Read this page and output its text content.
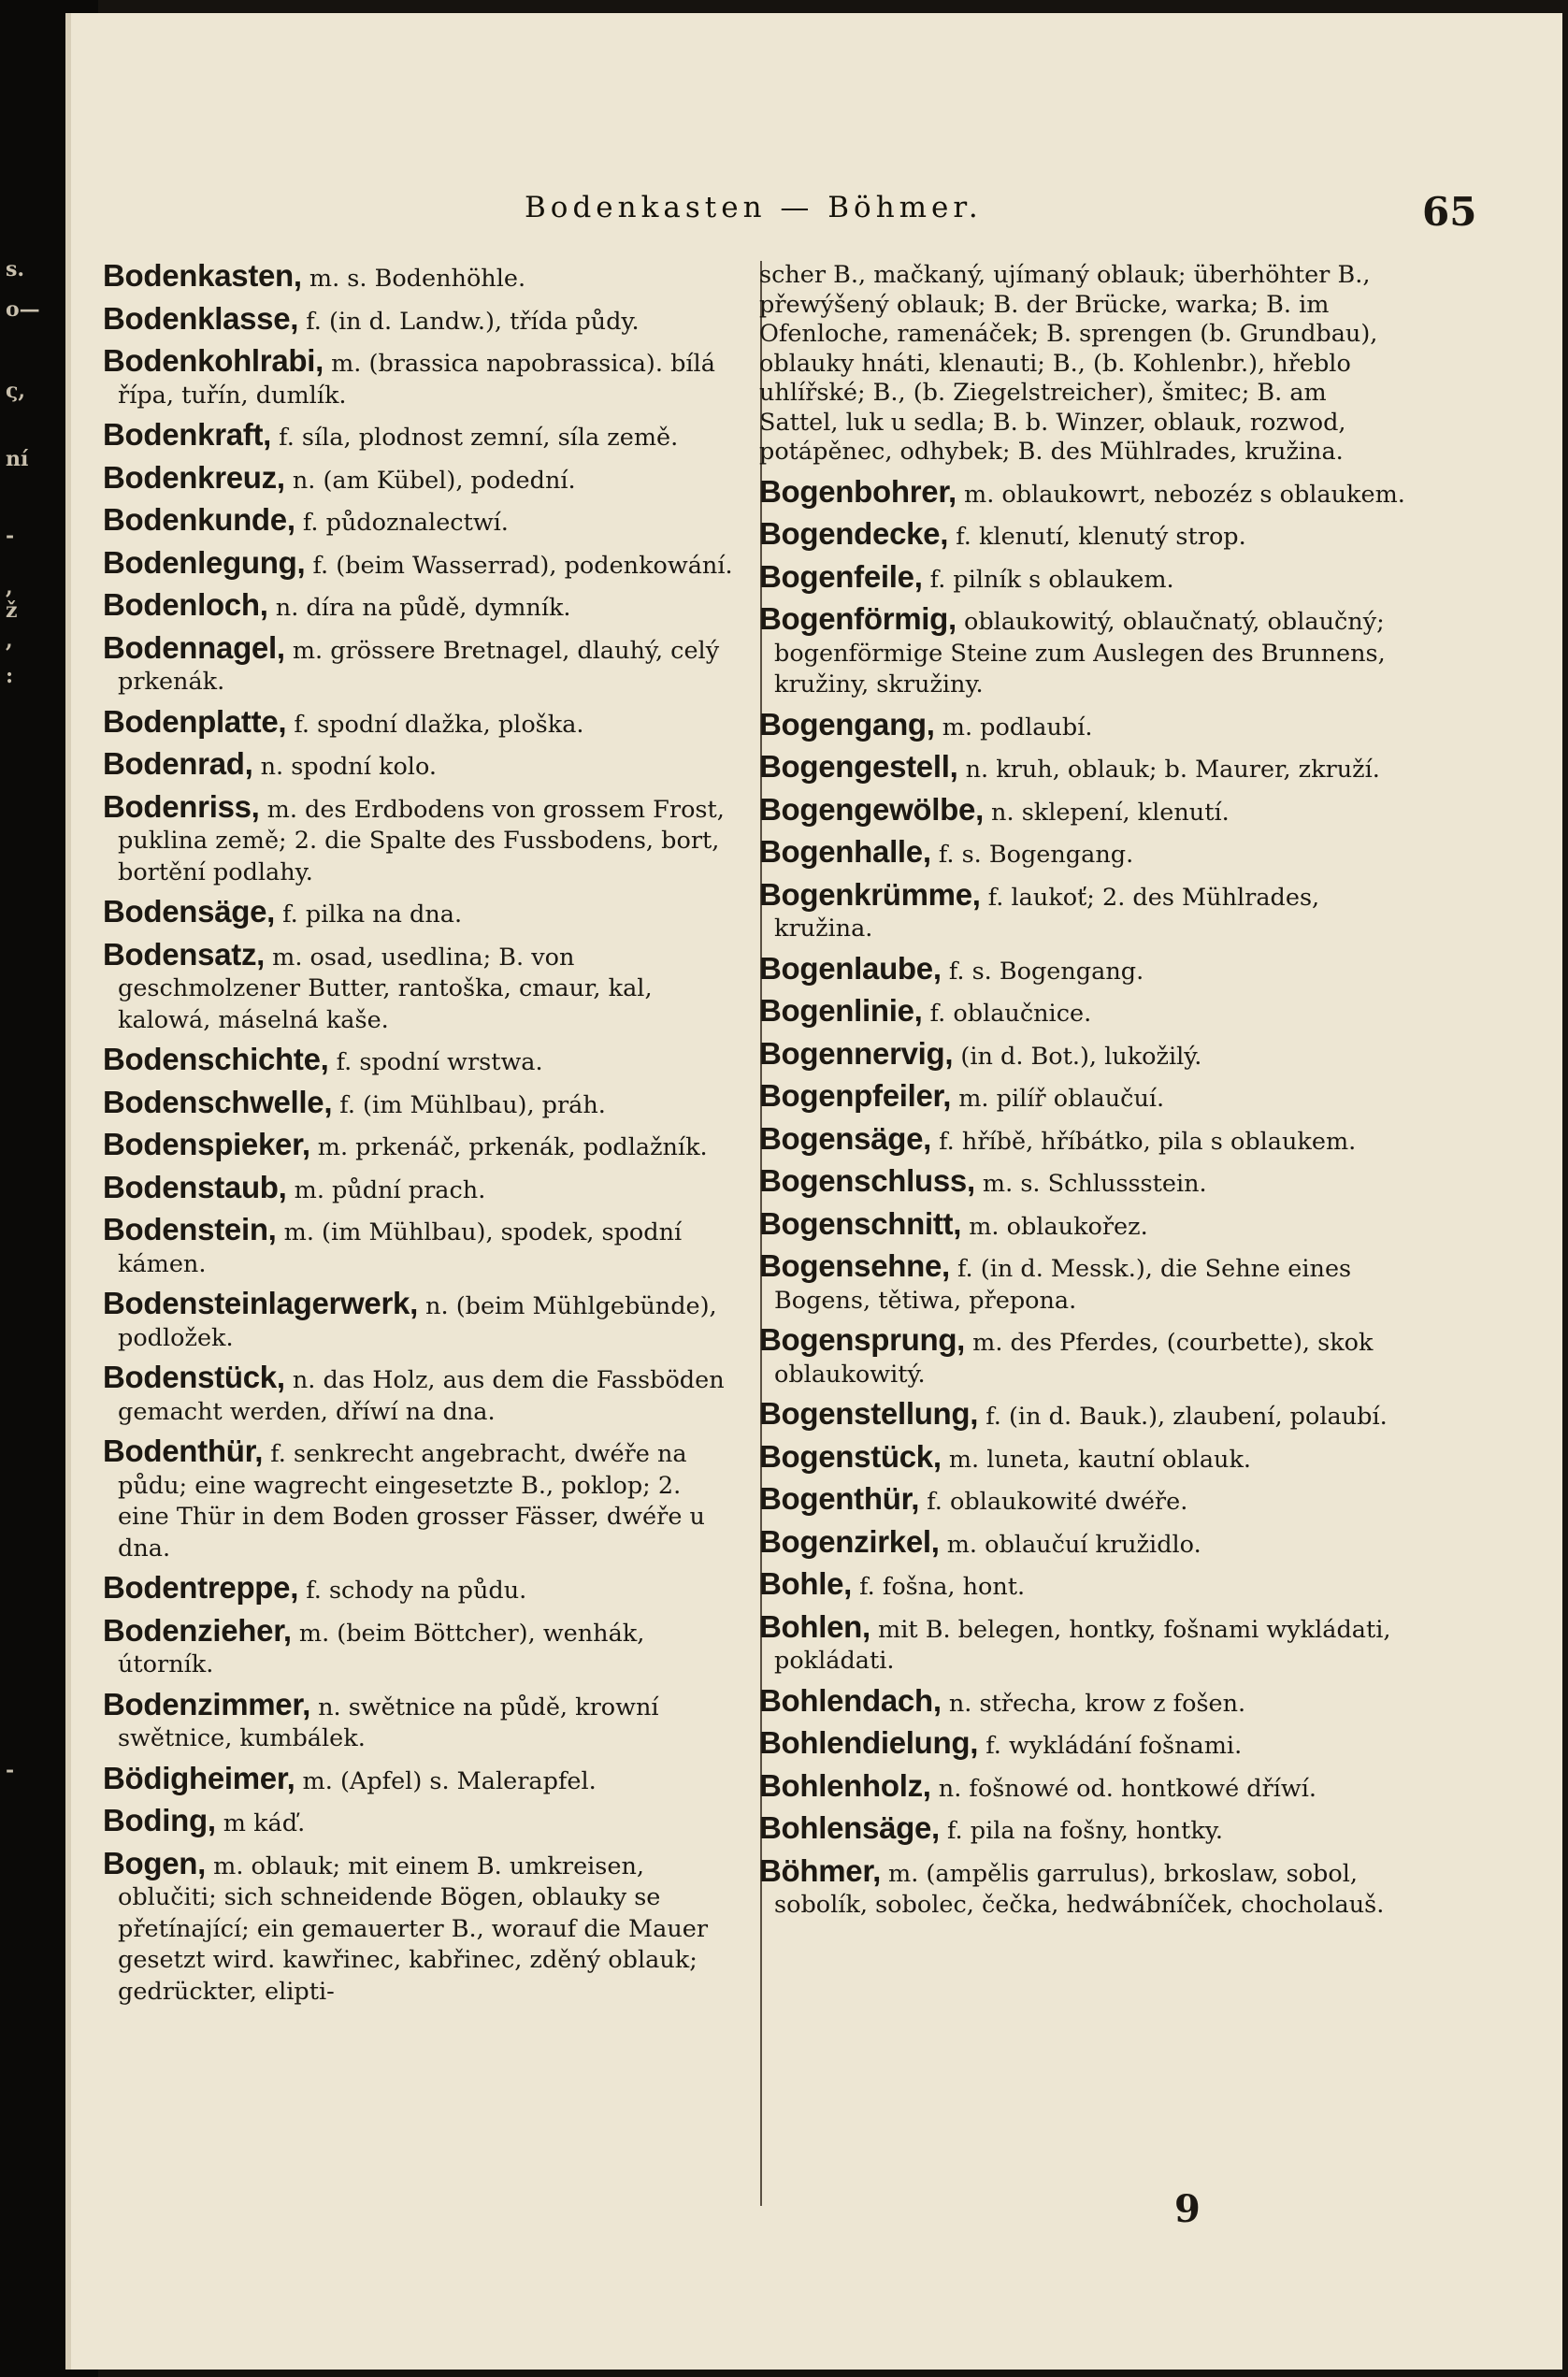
s.
o—
ς,
ní
-
,
ž
,
:
-
Bodenkasten — Böhmer.	65
Bodenkasten, m. s. Bodenhöhle.
Bodenklasse, f. (in d. Landw.), třída půdy.
Bodenkohlrabi, m. (brassica napobrassica). bílá řípa, tuřín, dumlík.
Bodenkraft, f. síla, plodnost zemní, síla země.
Bodenkreuz, n. (am Kübel), podední.
Bodenkunde, f. půdoznalectwí.
Bodenlegung, f. (beim Wasserrad), podenkowání.
Bodenloch, n. díra na půdě, dymník.
Bodennagel, m. grössere Bretnagel, dlauhý, celý prkenák.
Bodenplatte, f. spodní dlažka, ploška.
Bodenrad, n. spodní kolo.
Bodenriss, m. des Erdbodens von grossem Frost, puklina země; 2. die Spalte des Fussbodens, bort, bortění podlahy.
Bodensäge, f. pilka na dna.
Bodensatz, m. osad, usedlina; B. von geschmolzener Butter, rantoška, cmaur, kal, kalowá, máselná kaše.
Bodenschichte, f. spodní wrstwa.
Bodenschwelle, f. (im Mühlbau), práh.
Bodenspieker, m. prkenáč, prkenák, podlažník.
Bodenstaub, m. půdní prach.
Bodenstein, m. (im Mühlbau), spodek, spodní kámen.
Bodensteinlagerwerk, n. (beim Mühlgebünde), podložek.
Bodenstück, n. das Holz, aus dem die Fassböden gemacht werden, dříwí na dna.
Bodenthür, f. senkrecht angebracht, dwéře na půdu; eine wagrecht eingesetzte B., poklop; 2. eine Thür in dem Boden grosser Fässer, dwéře u dna.
Bodentreppe, f. schody na půdu.
Bodenzieher, m. (beim Böttcher), wenhák, útorník.
Bodenzimmer, n. swětnice na půdě, krowní swětnice, kumbálek.
Bödigheimer, m. (Apfel) s. Malerapfel.
Boding, m káď.
Bogen, m. oblauk; mit einem B. umkreisen, oblučiti; sich schneidende Bögen, oblauky se přetínající; ein gemauerter B., worauf die Mauer gesetzt wird. kawřinec, kabřinec, zděný oblauk; gedrückter, elipti-
scher B., mačkaný, ujímaný oblauk; überhöhter B., přewýšený oblauk; B. der Brücke, warka; B. im Ofenloche, ramenáček; B. sprengen (b. Grundbau), oblauky hnáti, klenauti; B., (b. Kohlenbr.), hřeblo uhlířské; B., (b. Ziegelstreicher), šmitec; B. am Sattel, luk u sedla; B. b. Winzer, oblauk, rozwod, potápěnec, odhybek; B. des Mühlrades, kružina.
Bogenbohrer, m. oblaukowrt, nebozéz s oblaukem.
Bogendecke, f. klenutí, klenutý strop.
Bogenfeile, f. pilník s oblaukem.
Bogenförmig, oblaukowitý, oblaučnatý, oblaučný; bogenförmige Steine zum Auslegen des Brunnens, kružiny, skružiny.
Bogengang, m. podlaubí.
Bogengestell, n. kruh, oblauk; b. Maurer, zkruží.
Bogengewölbe, n. sklepení, klenutí.
Bogenhalle, f. s. Bogengang.
Bogenkrümme, f. laukoť; 2. des Mühlrades, kružina.
Bogenlaube, f. s. Bogengang.
Bogenlinie, f. oblaučnice.
Bogennervig, (in d. Bot.), lukožilý.
Bogenpfeiler, m. pilíř oblaučuí.
Bogensäge, f. hříbě, hříbátko, pila s oblaukem.
Bogenschluss, m. s. Schlussstein.
Bogenschnitt, m. oblaukořez.
Bogensehne, f. (in d. Messk.), die Sehne eines Bogens, tětiwa, přepona.
Bogensprung, m. des Pferdes, (courbette), skok oblaukowitý.
Bogenstellung, f. (in d. Bauk.), zlaubení, polaubí.
Bogenstück, m. luneta, kautní oblauk.
Bogenthür, f. oblaukowité dwéře.
Bogenzirkel, m. oblaučuí kružidlo.
Bohle, f. fošna, hont.
Bohlen, mit B. belegen, hontky, fošnami wykládati, pokládati.
Bohlendach, n. střecha, krow z fošen.
Bohlendielung, f. wykládání fošnami.
Bohlenholz, n. fošnowé od. hontkowé dříwí.
Bohlensäge, f. pila na fošny, hontky.
Böhmer, m. (ampělis garrulus), brkoslaw, sobol, sobolík, sobolec, čečka, hedwábníček, chocholauš.
9
